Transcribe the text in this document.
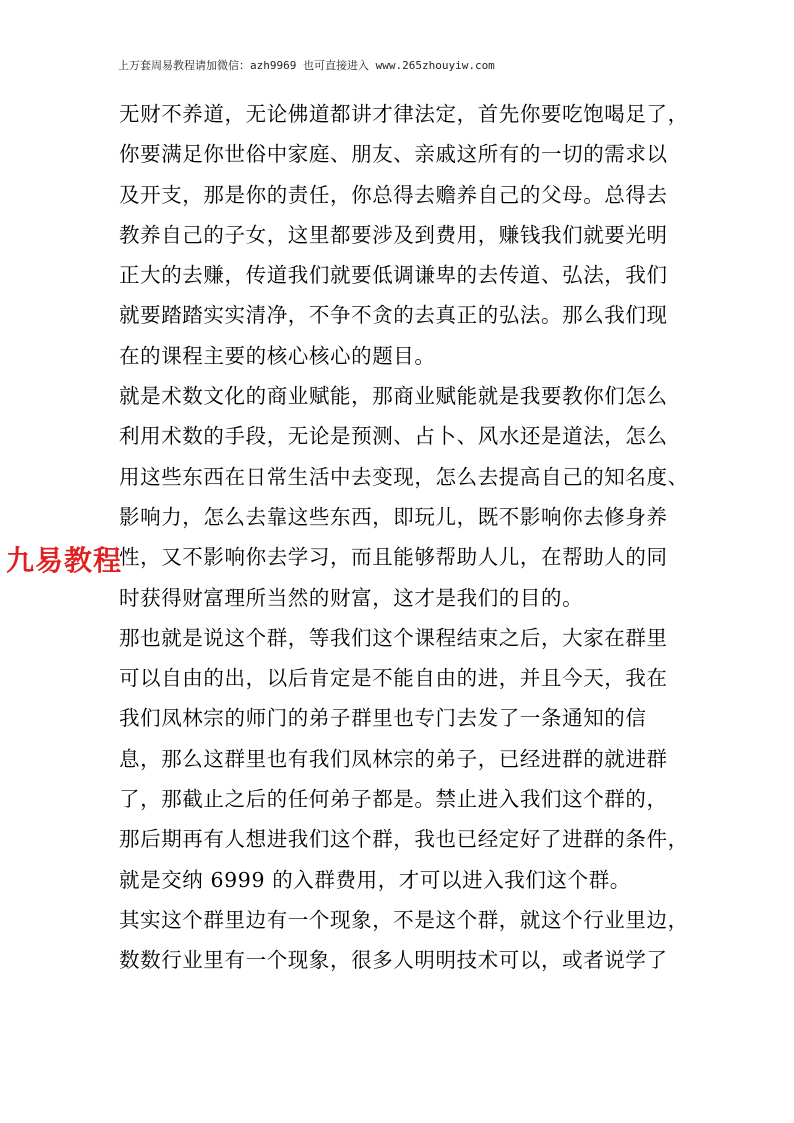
上万套周易教程请加微信：azh9969 也可直接进入 www.265zhouyiw.com
无财不养道，无论佛道都讲才律法定，首先你要吃饱喝足了，
你要满足你世俗中家庭、朋友、亲戚这所有的一切的需求以
及开支，那是你的责任，你总得去赡养自己的父母。总得去
教养自己的子女，这里都要涉及到费用，赚钱我们就要光明
正大的去赚，传道我们就要低调谦卑的去传道、弘法，我们
就要踏踏实实清净，不争不贪的去真正的弘法。那么我们现
在的课程主要的核心核心的题目。
就是术数文化的商业赋能，那商业赋能就是我要教你们怎么
利用术数的手段，无论是预测、占卜、风水还是道法，怎么
用这些东西在日常生活中去变现，怎么去提高自己的知名度、
影响力，怎么去靠这些东西，即玩儿，既不影响你去修身养
性，又不影响你去学习，而且能够帮助人儿，在帮助人的同
时获得财富理所当然的财富，这才是我们的目的。
那也就是说这个群，等我们这个课程结束之后，大家在群里
可以自由的出，以后肯定是不能自由的进，并且今天，我在
我们凤林宗的师门的弟子群里也专门去发了一条通知的信
息，那么这群里也有我们凤林宗的弟子，已经进群的就进群
了，那截止之后的任何弟子都是。禁止进入我们这个群的，
那后期再有人想进我们这个群，我也已经定好了进群的条件，
就是交纳 6999 的入群费用，才可以进入我们这个群。
其实这个群里边有一个现象，不是这个群，就这个行业里边，
数数行业里有一个现象，很多人明明技术可以，或者说学了
九易教程
